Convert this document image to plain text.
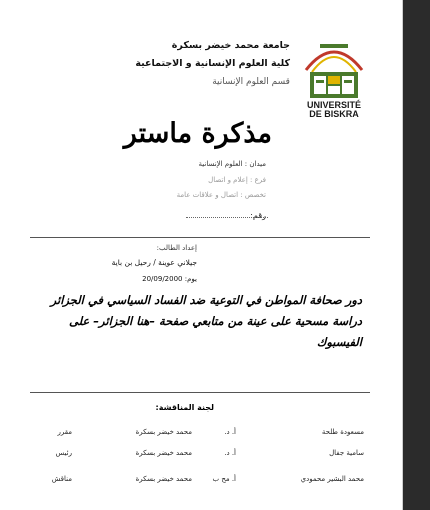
جامعة محمد خيضر بسكرة
كلية العلوم الإنسانية و الاجتماعية
قسم العلوم الإنسانية
UNIVERSITÉ
DE BISKRA
مذكرة ماستر
ميدان : العلوم الإنسانية
فرع : إعلام و اتصال
تخصص : اتصال و علاقات عامة
رقم:
إعداد الطالب:
جيلاني عوينة / رحيل بن باية
يوم: 20/09/2000
دور صحافة المواطن في التوعية ضد الفساد السياسي في الجزائر دراسة مسحية على عينة من متابعي صفحة –هنا الجزائر– على الفيسبوك
لجنة المناقشة:
مسعودة طلحة
أ. د.
محمد خيضر بسكرة
مقرر
سامية جفال
أ. د.
محمد خيضر بسكرة
رئيس
محمد البشير محمودي
أ. مح ب
محمد خيضر بسكرة
مناقش
